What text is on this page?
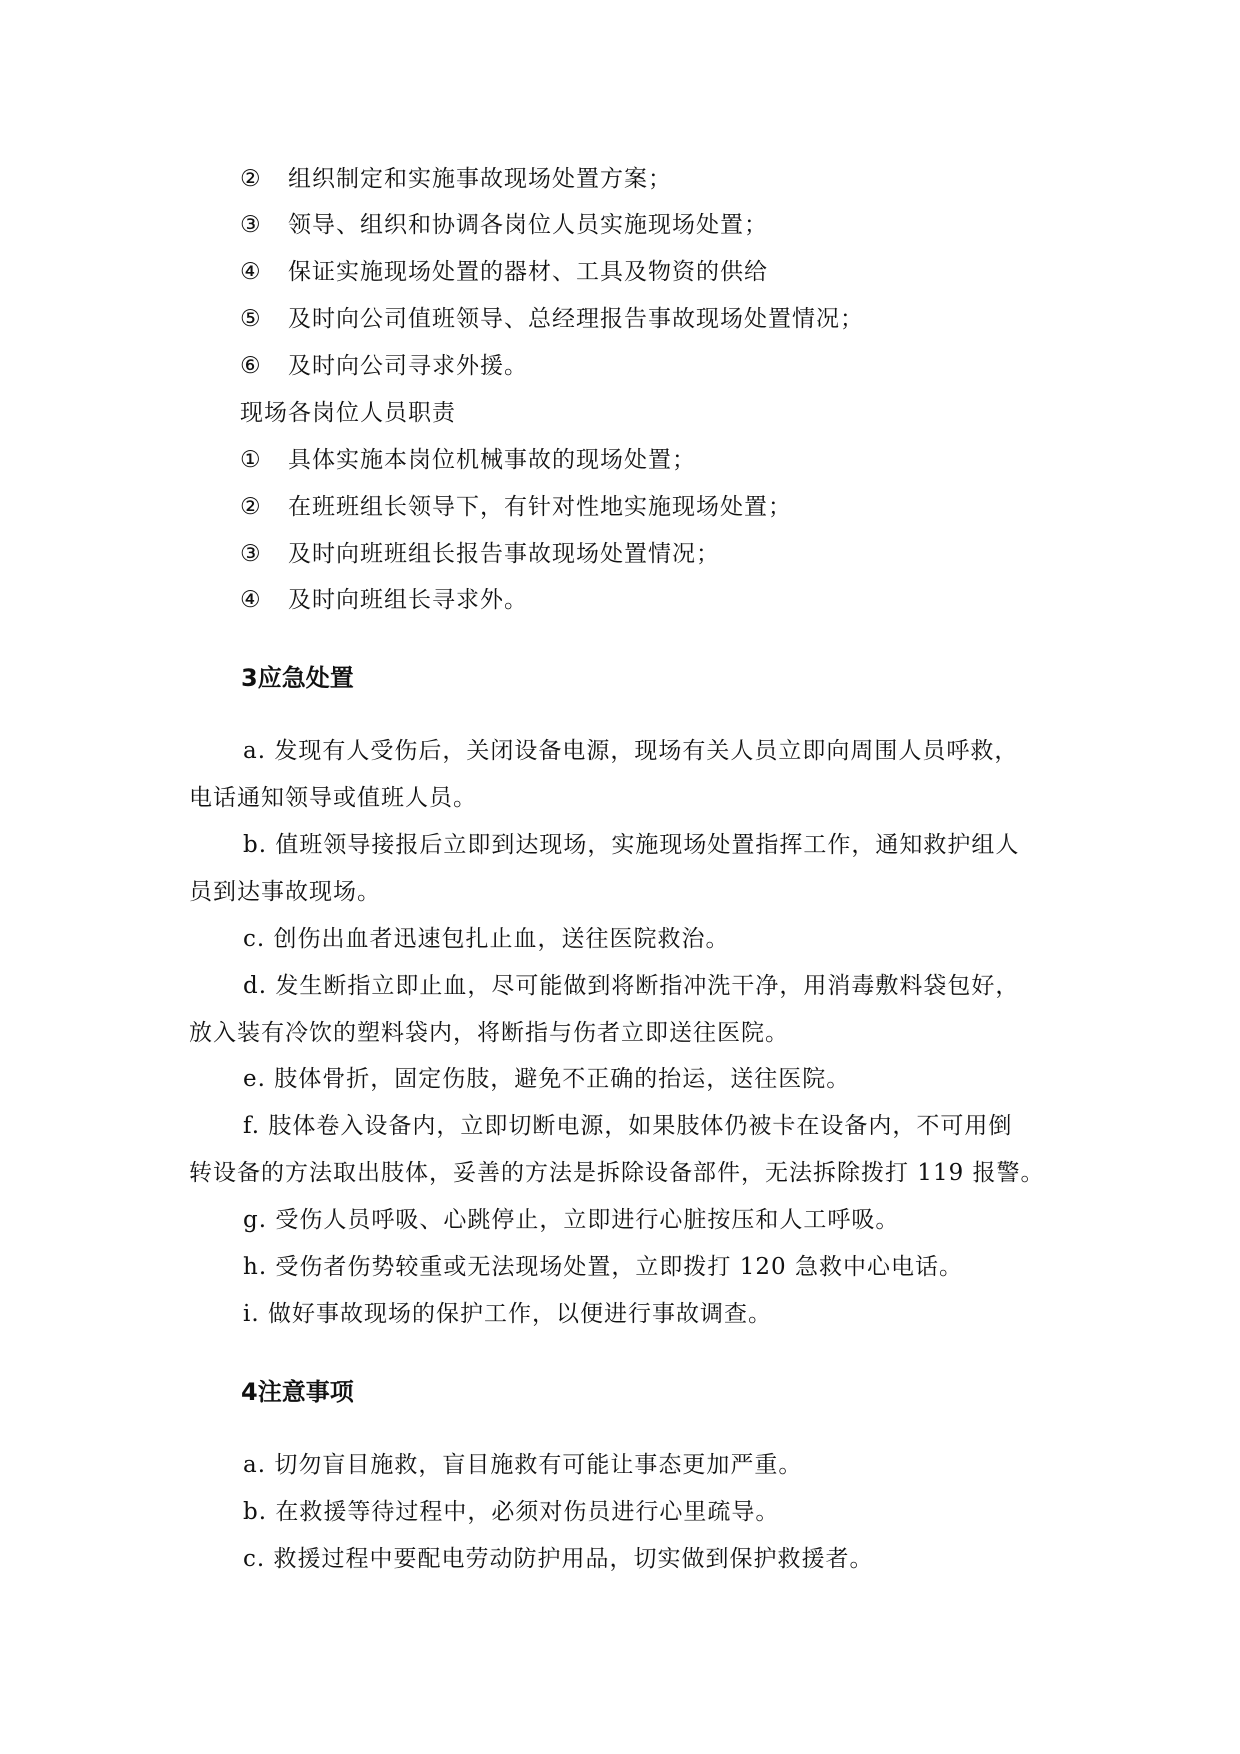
② 组织制定和实施事故现场处置方案；
③ 领导、组织和协调各岗位人员实施现场处置；
④ 保证实施现场处置的器材、工具及物资的供给
⑤ 及时向公司值班领导、总经理报告事故现场处置情况；
⑥ 及时向公司寻求外援。
现场各岗位人员职责
① 具体实施本岗位机械事故的现场处置；
② 在班班组长领导下，有针对性地实施现场处置；
③ 及时向班班组长报告事故现场处置情况；
④ 及时向班组长寻求外。
3应急处置
a. 发现有人受伤后，关闭设备电源，现场有关人员立即向周围人员呼救，
电话通知领导或值班人员。
b. 值班领导接报后立即到达现场，实施现场处置指挥工作，通知救护组人
员到达事故现场。
c. 创伤出血者迅速包扎止血，送往医院救治。
d. 发生断指立即止血，尽可能做到将断指冲洗干净，用消毒敷料袋包好，
放入装有冷饮的塑料袋内，将断指与伤者立即送往医院。
e. 肢体骨折，固定伤肢，避免不正确的抬运，送往医院。
f. 肢体卷入设备内，立即切断电源，如果肢体仍被卡在设备内，不可用倒
转设备的方法取出肢体，妥善的方法是拆除设备部件，无法拆除拨打 119 报警。
g. 受伤人员呼吸、心跳停止，立即进行心脏按压和人工呼吸。
h. 受伤者伤势较重或无法现场处置，立即拨打 120 急救中心电话。
i. 做好事故现场的保护工作，以便进行事故调查。
4注意事项
a. 切勿盲目施救，盲目施救有可能让事态更加严重。
b. 在救援等待过程中，必须对伤员进行心里疏导。
c. 救援过程中要配电劳动防护用品，切实做到保护救援者。
